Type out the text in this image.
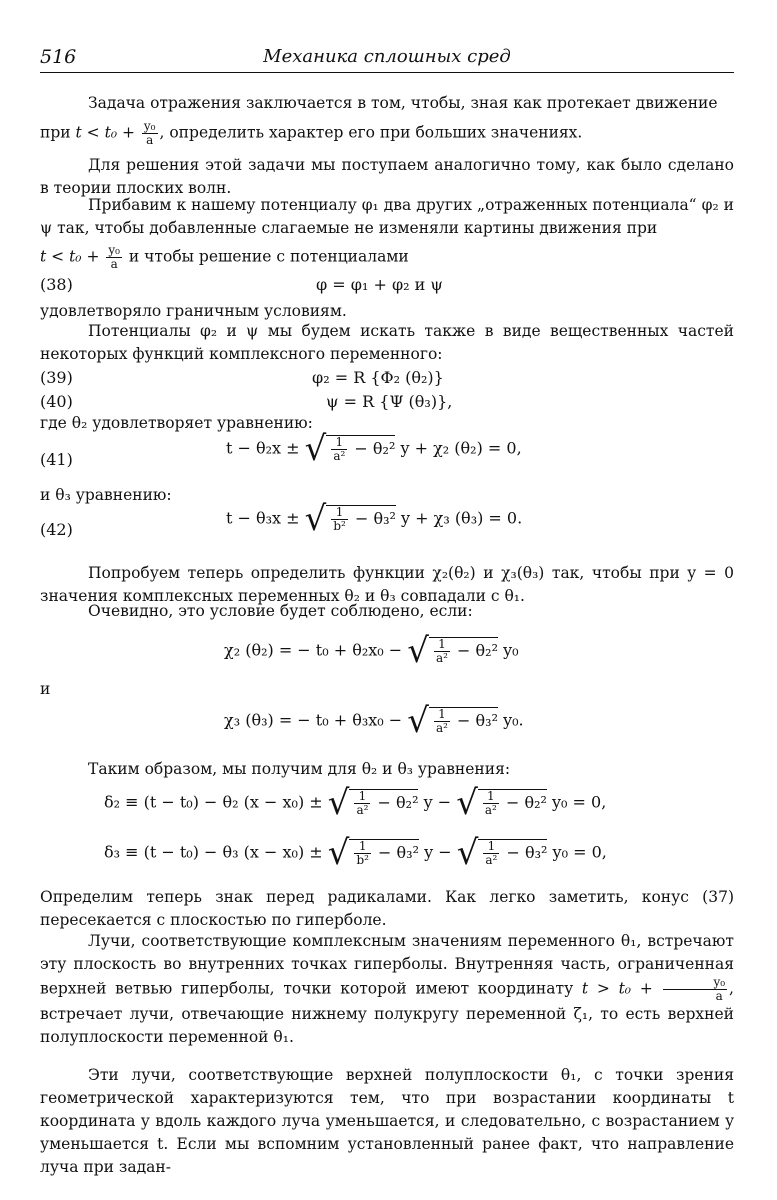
516	Механика сплошных сред
Задача отражения заключается в том, чтобы, зная как протекает движение
при $t < t_0 + \frac{\text{y₀}}{a}$ , определить характер его при больших значениях.
Для решения этой задачи мы поступаем аналогично тому, как было сделано в теории плоских волн.
Прибавим к нашему потенциалу φ₁ два других „отраженных потенциала“ φ₂ и ψ так, чтобы добавленные слагаемые не изменяли картины движения при
$t < t_0 + \frac{\text{y₀}}{a}$ и чтобы решение с потенциалами
(38)	φ = φ₁ + φ₂ и ψ
удовлетворяло граничным условиям.
Потенциалы φ₂ и ψ мы будем искать также в виде вещественных частей некоторых функций комплексного переменного:
(39)	φ₂ = R {Φ₂ (θ₂)}
(40)	ψ = R {Ψ (θ₃)},
где θ₂ удовлетворяет уравнению:
(41)
t − θ₂x ± √ $\frac{1}{\text{a²}} - \theta_2^2$ y + χ₂ (θ₂) = 0,
и θ₃ уравнению:
(42)
t − θ₃x ± √ $\frac{1}{\text{b²}} - \theta_3^2$ y + χ₃ (θ₃) = 0.
Попробуем теперь определить функции χ₂(θ₂) и χ₃(θ₃) так, чтобы при y = 0 значения комплексных переменных θ₂ и θ₃ совпадали с θ₁.
Очевидно, это условие будет соблюдено, если:
χ₂ (θ₂) = − t₀ + θ₂x₀ − √ $\frac{1}{\text{a²}} - \theta_2^2$ y₀
и
χ₃ (θ₃) = − t₀ + θ₃x₀ − √ $\frac{1}{\text{a²}} - \theta_3^2$ y₀.
Таким образом, мы получим для θ₂ и θ₃ уравнения:
δ₂ ≡ (t − t₀) − θ₂ (x − x₀) ± √ $\frac{1}{\text{a²}} - \theta_2^2$ y − √ $\frac{1}{\text{a²}} - \theta_2^2$ y₀ = 0,
δ₃ ≡ (t − t₀) − θ₃ (x − x₀) ± √ $\frac{1}{\text{b²}} - \theta_3^2$ y − √ $\frac{1}{\text{a²}} - \theta_3^2$ y₀ = 0,
Определим теперь знак перед радикалами. Как легко заметить, конус (37) пересекается с плоскостью по гиперболе.
Лучи, соответствующие комплексным значениям переменного θ₁, встречают эту плоскость во внутренних точках гиперболы. Внутренняя часть, ограниченная верхней ветвью гиперболы, точки которой имеют координату $t > t_0 + \frac{\text{y₀}}{a}$ , встречает лучи, отвечающие нижнему полукругу переменной ζ₁, то есть верхней полуплоскости переменной θ₁.
Эти лучи, соответствующие верхней полуплоскости θ₁, с точки зрения геометрической характеризуются тем, что при возрастании координаты t координата y вдоль каждого луча уменьшается, и следовательно, с возрастанием y уменьшается t. Если мы вспомним установленный ранее факт, что направление луча при задан-
